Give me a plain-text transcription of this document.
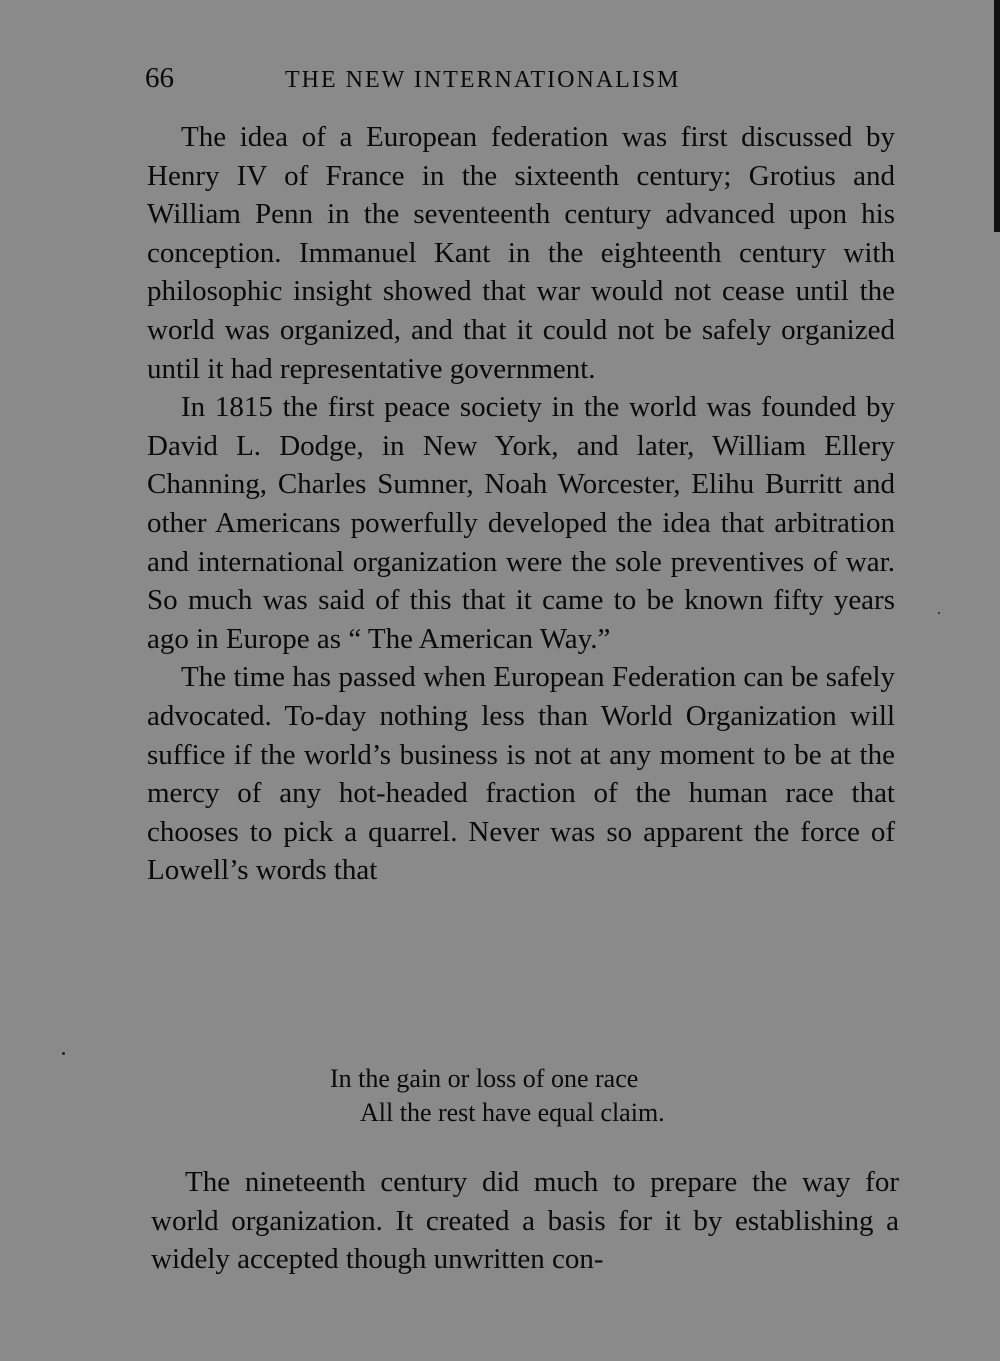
66	THE NEW INTERNATIONALISM

The idea of a European federation was first discussed by Henry IV of France in the sixteenth century; Grotius and William Penn in the seventeenth century advanced upon his conception. Immanuel Kant in the eighteenth century with philosophic insight showed that war would not cease until the world was organized, and that it could not be safely organized until it had representative government.

In 1815 the first peace society in the world was founded by David L. Dodge, in New York, and later, William Ellery Channing, Charles Sumner, Noah Worcester, Elihu Burritt and other Americans powerfully developed the idea that arbitration and international organization were the sole preventives of war. So much was said of this that it came to be known fifty years ago in Europe as “ The American Way.”

The time has passed when European Federation can be safely advocated. To-day nothing less than World Organization will suffice if the world’s business is not at any moment to be at the mercy of any hot-headed fraction of the human race that chooses to pick a quarrel. Never was so apparent the force of Lowell’s words that

In the gain or loss of one race
All the rest have equal claim.

The nineteenth century did much to prepare the way for world organization. It created a basis for it by establishing a widely accepted though unwritten con-
